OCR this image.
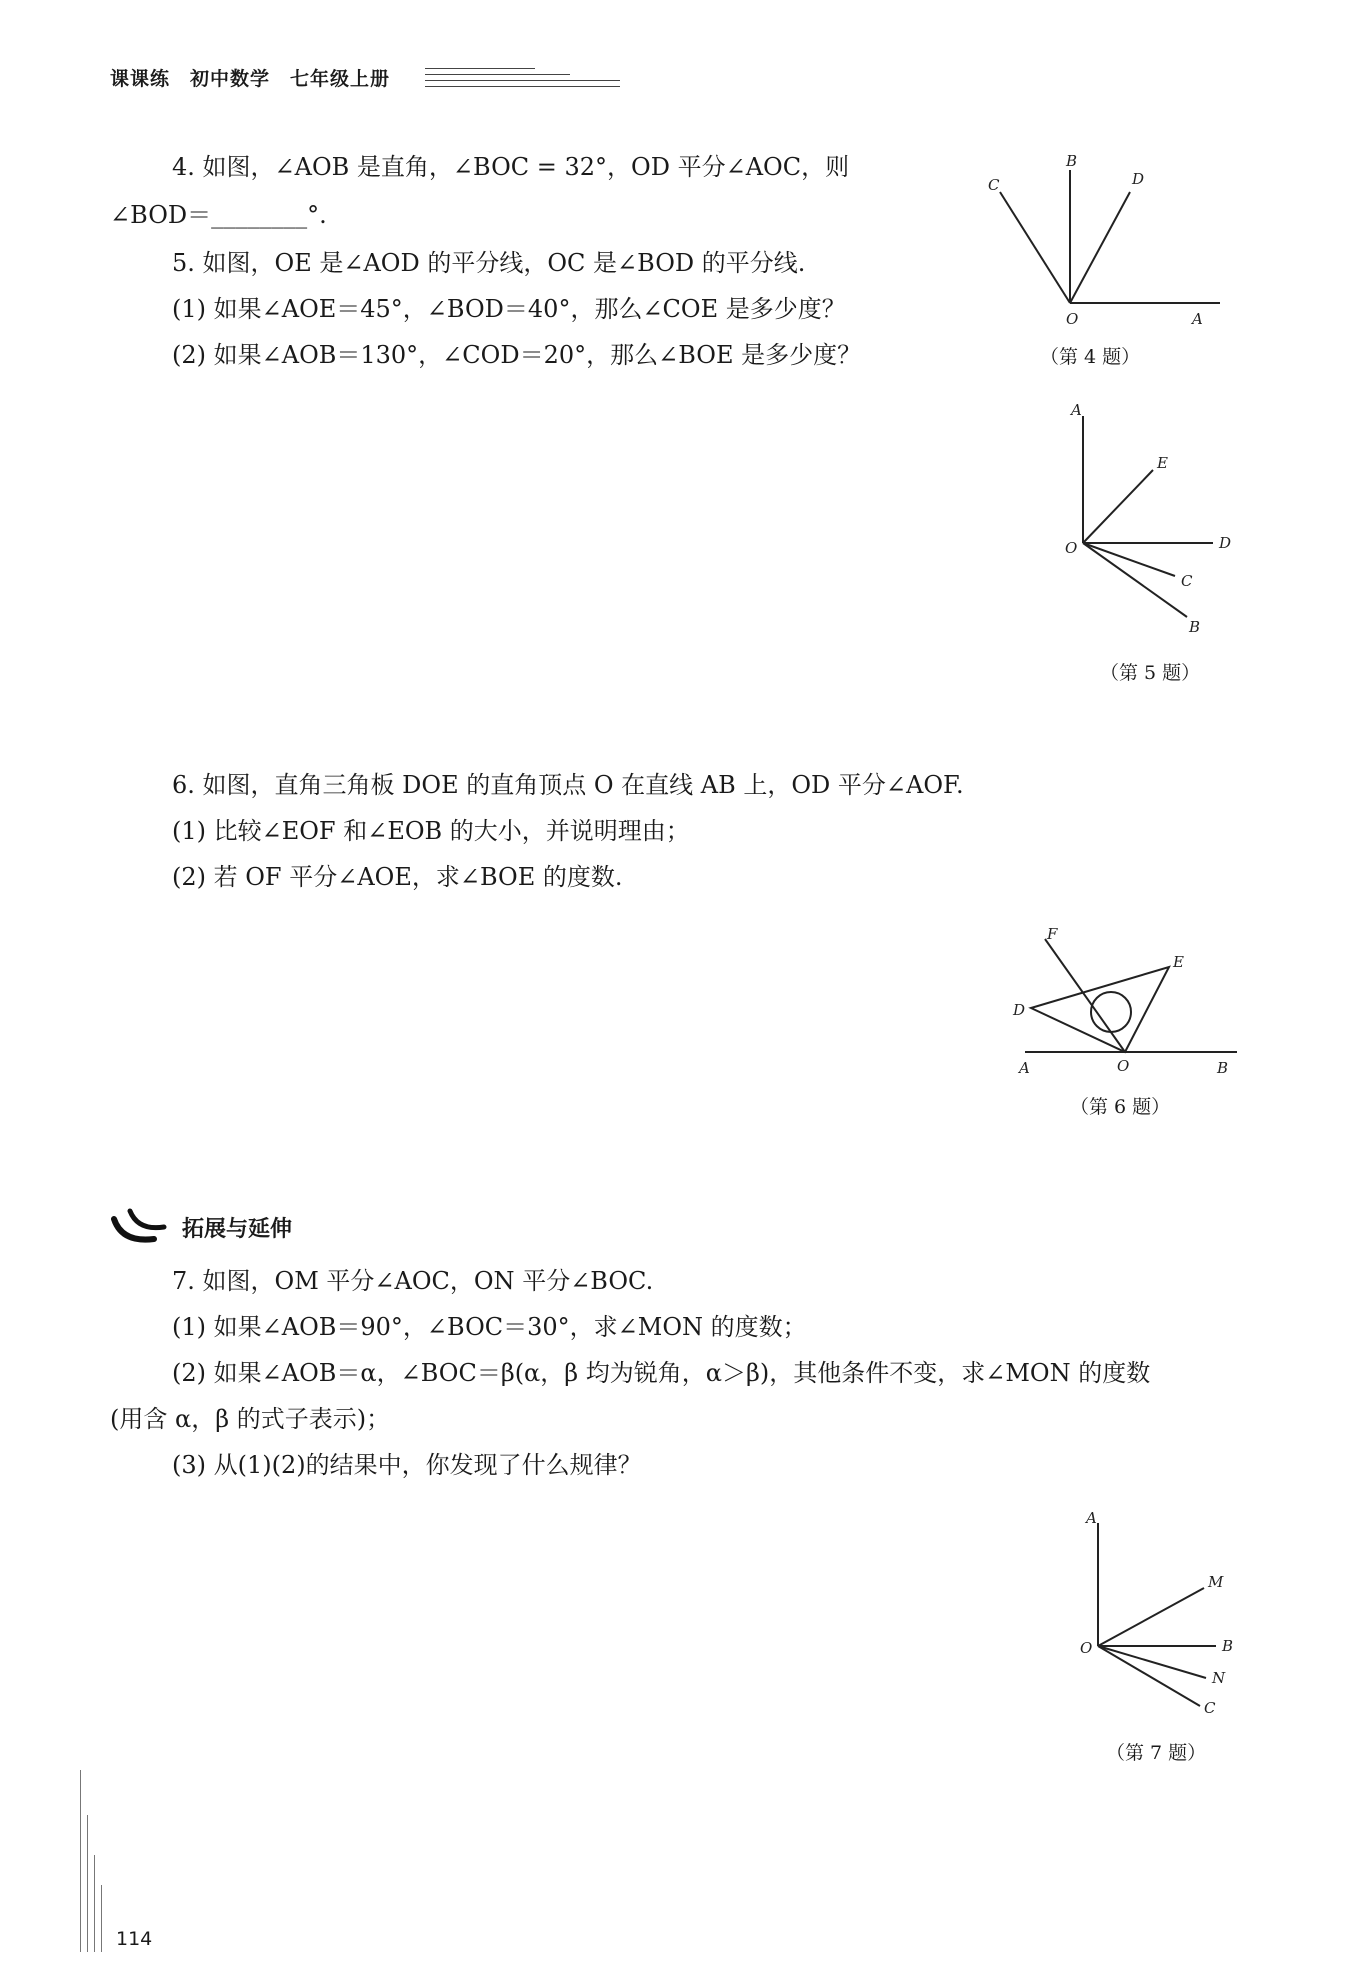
课课练　初中数学　七年级上册
4. 如图，∠AOB 是直角，∠BOC = 32°，OD 平分∠AOC，则
∠BOD＝________°.
5. 如图，OE 是∠AOD 的平分线，OC 是∠BOD 的平分线.
(1) 如果∠AOE＝45°，∠BOD＝40°，那么∠COE 是多少度？
(2) 如果∠AOB＝130°，∠COD＝20°，那么∠BOE 是多少度？
B
C	D
O	A
（第 4 题）
A
E
O	D
C
B
（第 5 题）
6. 如图，直角三角板 DOE 的直角顶点 O 在直线 AB 上，OD 平分∠AOF.
(1) 比较∠EOF 和∠EOB 的大小，并说明理由；
(2) 若 OF 平分∠AOE，求∠BOE 的度数.
F
E
D
A	O	B
（第 6 题）
拓展与延伸
7. 如图，OM 平分∠AOC，ON 平分∠BOC.
(1) 如果∠AOB＝90°，∠BOC＝30°，求∠MON 的度数；
(2) 如果∠AOB＝α，∠BOC＝β(α，β 均为锐角，α＞β)，其他条件不变，求∠MON 的度数
(用含 α，β 的式子表示)；
(3) 从(1)(2)的结果中，你发现了什么规律？
A
M
O	B
N
C
（第 7 题）
114
